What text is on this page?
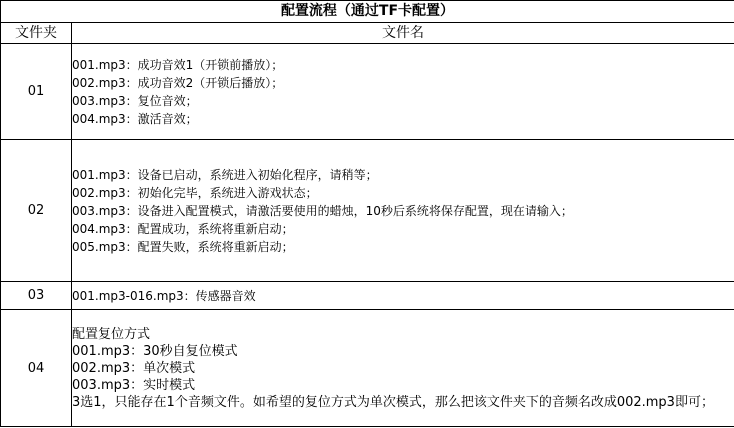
配置流程（通过TF卡配置）	
文件夹	文件名
01	001.mp3：成功音效1（开锁前播放）；
002.mp3：成功音效2（开锁后播放）；
003.mp3：复位音效；
004.mp3：激活音效；

02	001.mp3：设备已启动，系统进入初始化程序，请稍等；
002.mp3：初始化完毕，系统进入游戏状态；
003.mp3：设备进入配置模式，请激活要使用的蜡烛，10秒后系统将保存配置，现在请输入；
004.mp3：配置成功，系统将重新启动；
005.mp3：配置失败，系统将重新启动；

03	001.mp3-016.mp3：传感器音效

04	配置复位方式
001.mp3：30秒自复位模式
002.mp3：单次模式
003.mp3：实时模式
3选1，只能存在1个音频文件。如希望的复位方式为单次模式，那么把该文件夹下的音频名改成002.mp3即可；
